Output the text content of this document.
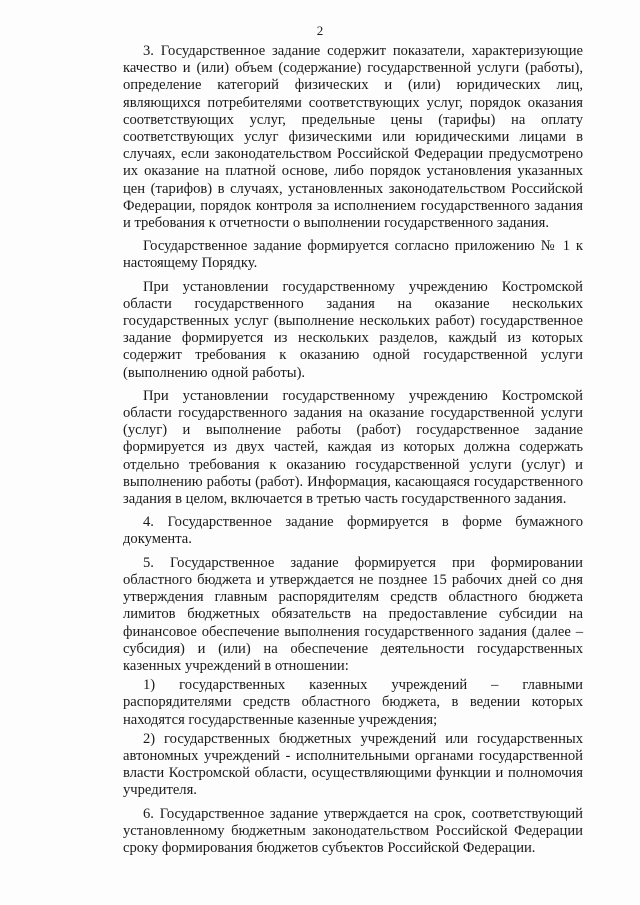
2

3. Государственное задание содержит показатели, характеризующие качество и (или) объем (содержание) государственной услуги (работы), определение категорий физических и (или) юридических лиц, являющихся потребителями соответствующих услуг, порядок оказания соответствующих услуг, предельные цены (тарифы) на оплату соответствующих услуг физическими или юридическими лицами в случаях, если законодательством Российской Федерации предусмотрено их оказание на платной основе, либо порядок установления указанных цен (тарифов) в случаях, установленных законодательством Российской Федерации, порядок контроля за исполнением государственного задания и требования к отчетности о выполнении государственного задания.

Государственное задание формируется согласно приложению № 1 к настоящему Порядку.

При установлении государственному учреждению Костромской области государственного задания на оказание нескольких государственных услуг (выполнение нескольких работ) государственное задание формируется из нескольких разделов, каждый из которых содержит требования к оказанию одной государственной услуги (выполнению одной работы).

При установлении государственному учреждению Костромской области государственного задания на оказание государственной услуги (услуг) и выполнение работы (работ) государственное задание формируется из двух частей, каждая из которых должна содержать отдельно требования к оказанию государственной услуги (услуг) и выполнению работы (работ). Информация, касающаяся государственного задания в целом, включается в третью часть государственного задания.

4. Государственное задание формируется в форме бумажного документа.

5. Государственное задание формируется при формировании областного бюджета и утверждается не позднее 15 рабочих дней со дня утверждения главным распорядителям средств областного бюджета лимитов бюджетных обязательств на предоставление субсидии на финансовое обеспечение выполнения государственного задания (далее – субсидия) и (или) на обеспечение деятельности государственных казенных учреждений в отношении:

1) государственных казенных учреждений – главными распорядителями средств областного бюджета, в ведении которых находятся государственные казенные учреждения;

2) государственных бюджетных учреждений или государственных автономных учреждений - исполнительными органами государственной власти Костромской области, осуществляющими функции и полномочия учредителя.

6. Государственное задание утверждается на срок, соответствующий установленному бюджетным законодательством Российской Федерации сроку формирования бюджетов субъектов Российской Федерации.
